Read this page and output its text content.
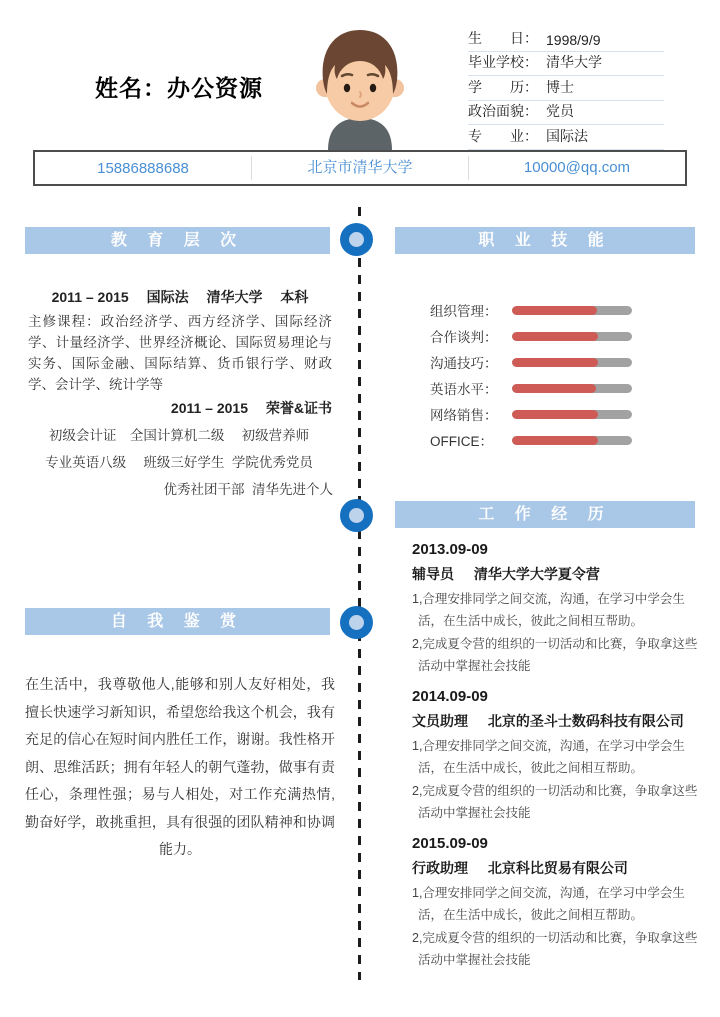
姓名：办公资源
生　　日： 1998/9/9
毕业学校： 清华大学
学　　历： 博士
政治面貌： 党员
专　　业： 国际法
15886888688	北京市清华大学	10000@qq.com
教 育 层 次	职 业 技 能
工 作 经 历
自 我 鉴 赏
2011 – 2015　 国际法　 清华大学　 本科
主修课程：政治经济学、西方经济学、国际经济学、计量经济学、世界经济概论、国际贸易理论与实务、国际金融、国际结算、货币银行学、财政学、会计学、统计学等
2011 – 2015　 荣誉&证书
初级会计证　全国计算机二级　 初级营养师
专业英语八级　 班级三好学生  学院优秀党员
优秀社团干部  清华先进个人
组织管理：
合作谈判：
沟通技巧：
英语水平：
网络销售：
OFFICE：
2013.09-09
辅导员 清华大学大学夏令营

1,合理安排同学之间交流，沟通，在学习中学会生活，在生活中成长，彼此之间相互帮助。

2,完成夏令营的组织的一切活动和比赛，争取拿这些活动中掌握社会技能

2014.09-09
文员助理 北京的圣斗士数码科技有限公司

1,合理安排同学之间交流，沟通，在学习中学会生活，在生活中成长，彼此之间相互帮助。

2,完成夏令营的组织的一切活动和比赛，争取拿这些活动中掌握社会技能

2015.09-09
行政助理 北京科比贸易有限公司

1,合理安排同学之间交流，沟通，在学习中学会生活，在生活中成长，彼此之间相互帮助。

2,完成夏令营的组织的一切活动和比赛，争取拿这些活动中掌握社会技能

在生活中，我尊敬他人,能够和别人友好相处，我擅长快速学习新知识，希望您给我这个机会，我有充足的信心在短时间内胜任工作，谢谢。我性格开朗、思维活跃；拥有年轻人的朝气蓬勃，做事有责任心，条理性强；易与人相处，对工作充满热情,勤奋好学，敢挑重担，具有很强的团队精神和协调能力。
